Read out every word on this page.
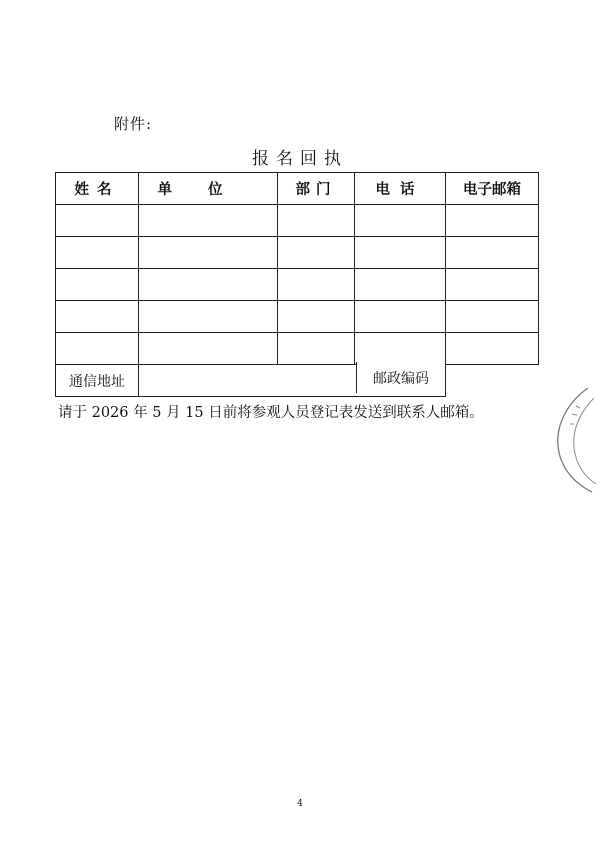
附件:
报名回执
姓名	单位	部门	电话	电子邮箱

通信地址				邮政编码
请于 2026 年 5 月 15 日前将参观人员登记表发送到联系人邮箱。
4
